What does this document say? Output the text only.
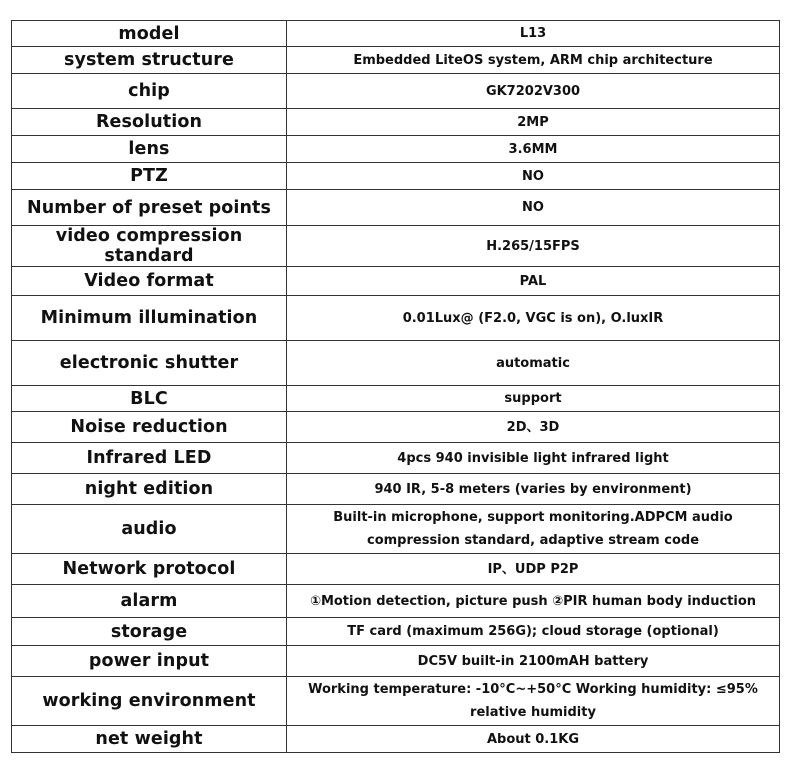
model	L13
system structure	Embedded LiteOS system, ARM chip architecture
chip	GK7202V300
Resolution	2MP
lens	3.6MM
PTZ	NO
Number of preset points	NO
video compression standard	H.265/15FPS
Video format	PAL
Minimum illumination	0.01Lux@ (F2.0, VGC is on), O.luxIR
electronic shutter	automatic
BLC	support
Noise reduction	2D、3D
Infrared LED	4pcs 940 invisible light infrared light
night edition	940 IR, 5-8 meters (varies by environment)
audio	Built-in microphone, support monitoring.ADPCM audio compression standard, adaptive stream code
Network protocol	IP、UDP P2P
alarm	①Motion detection, picture push ②PIR human body induction
storage	TF card (maximum 256G); cloud storage (optional)
power input	DC5V built-in 2100mAH battery
working environment	Working temperature: -10°C~+50°C Working humidity: ≤95% relative humidity
net weight	About 0.1KG
